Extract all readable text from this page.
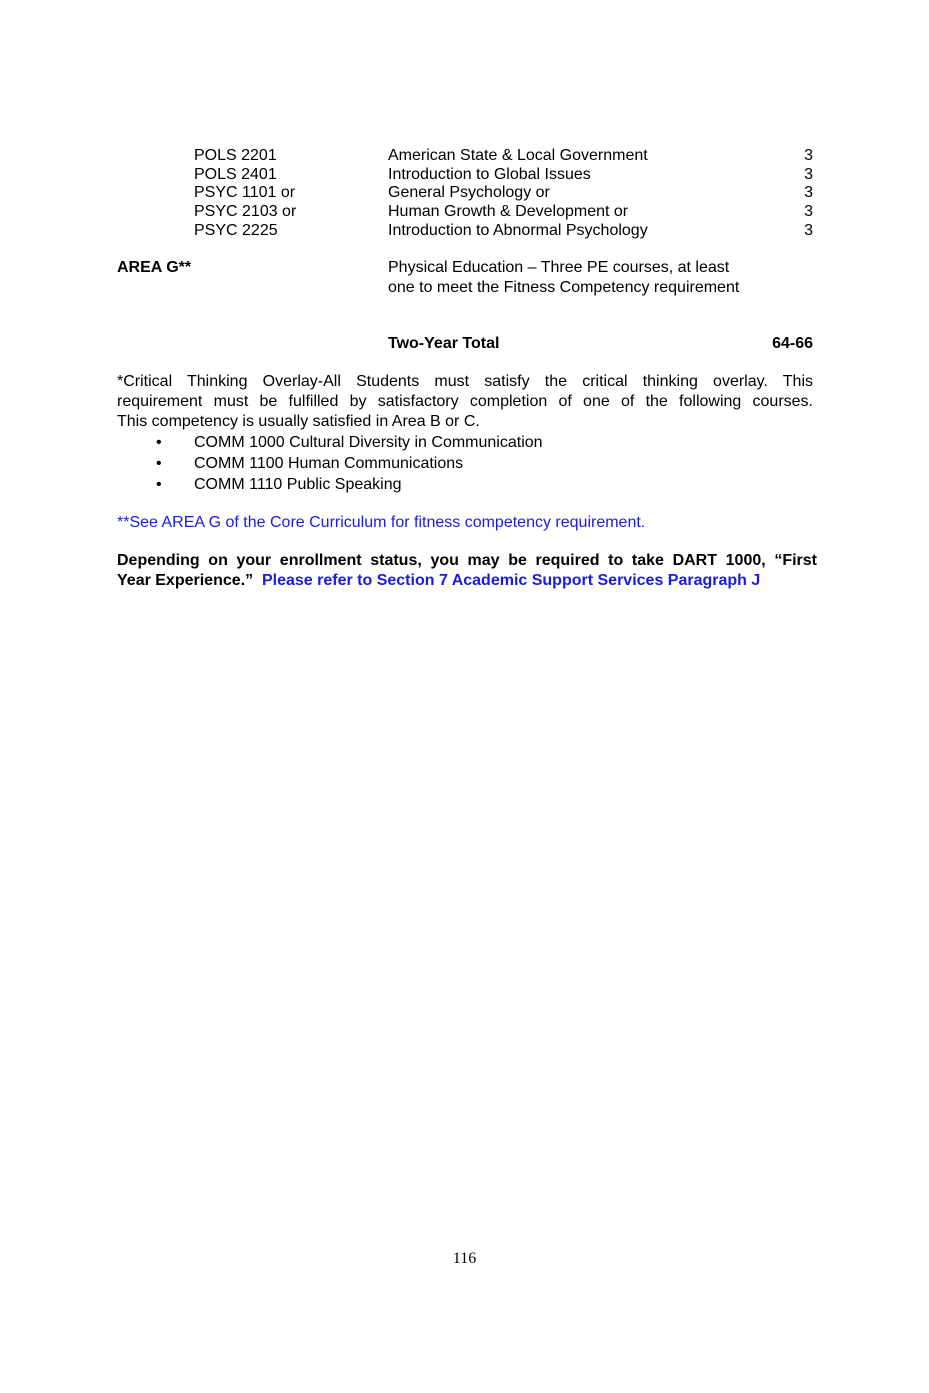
POLS 2201	American State & Local Government	3
POLS 2401	Introduction to Global Issues	3
PSYC 1101 or	General Psychology or	3
PSYC 2103 or	Human Growth & Development or	3
PSYC 2225	Introduction to Abnormal Psychology	3
AREA G**	Physical Education – Three PE courses, at least
one to meet the Fitness Competency requirement
Two-Year Total	64-66
*Critical Thinking Overlay-All Students must satisfy the critical thinking overlay. This
requirement must be fulfilled by satisfactory completion of one of the following courses.
This competency is usually satisfied in Area B or C.
• COMM 1000 Cultural Diversity in Communication
• COMM 1100 Human Communications
• COMM 1110 Public Speaking
**See AREA G of the Core Curriculum for fitness competency requirement.
Depending on your enrollment status, you may be required to take DART 1000, “First
Year Experience.” Please refer to Section 7 Academic Support Services Paragraph J
116
